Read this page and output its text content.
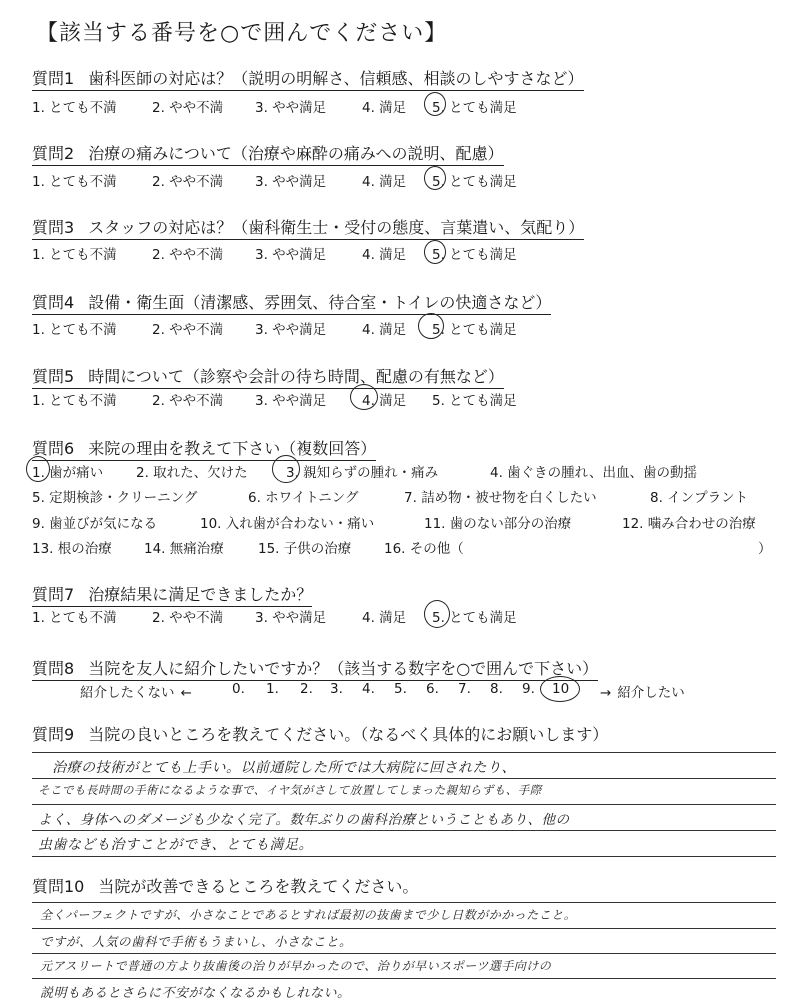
【該当する番号を○で囲んでください】
質問1 歯科医師の対応は？（説明の明解さ、信頼感、相談のしやすさなど）
1. とても不満	2. やや不満 3. やや満足	4. 満足 5. とても満足
質問2 治療の痛みについて（治療や麻酔の痛みへの説明、配慮）
1. とても不満	2. やや不満 3. やや満足	4. 満足 5. とても満足
質問3 スタッフの対応は？（歯科衛生士・受付の態度、言葉遣い、気配り）
1. とても不満	2. やや不満 3. やや満足	4. 満足 5. とても満足
質問4 設備・衛生面（清潔感、雰囲気、待合室・トイレの快適さなど）
1. とても不満	2. やや不満 3. やや満足	4. 満足 5. とても満足
質問5 時間について（診察や会計の待ち時間、配慮の有無など）
1. とても不満	2. やや不満 3. やや満足	4. 満足 5. とても満足
質問6 来院の理由を教えて下さい（複数回答）
1. 歯が痛い 2. 取れた、欠けた	3. 親知らずの腫れ・痛み	4. 歯ぐきの腫れ、出血、歯の動揺
5. 定期検診・クリーニング	6. ホワイトニング	7. 詰め物・被せ物を白くしたい	8. インプラント
9. 歯並びが気になる	10. 入れ歯が合わない・痛い	11. 歯のない部分の治療	12. 噛み合わせの治療
13. 根の治療 14. 無痛治療	15. 子供の治療 16. その他（	）
質問7 治療結果に満足できましたか？
1. とても不満	2. やや不満 3. やや満足	4. 満足 5. とても満足
質問8 当院を友人に紹介したいですか？（該当する数字を○で囲んで下さい）
紹介したくない ←	0. 1. 2. 3. 4. 5. 6. 7. 8. 9. 10	→ 紹介したい
質問9 当院の良いところを教えてください。（なるべく具体的にお願いします）
治療の技術がとても上手い。以前通院した所では大病院に回されたり、
そこでも長時間の手術になるような事で、イヤ気がさして放置してしまった親知らずも、手際
よく、身体へのダメージも少なく完了。数年ぶりの歯科治療ということもあり、他の
虫歯なども治すことができ、とても満足。
質問10 当院が改善できるところを教えてください。
全くパーフェクトですが、小さなことであるとすれば最初の抜歯まで少し日数がかかったこと。
ですが、人気の歯科で手術もうまいし、小さなこと。
元アスリートで普通の方より抜歯後の治りが早かったので、治りが早いスポーツ選手向けの
説明もあるとさらに不安がなくなるかもしれない。
